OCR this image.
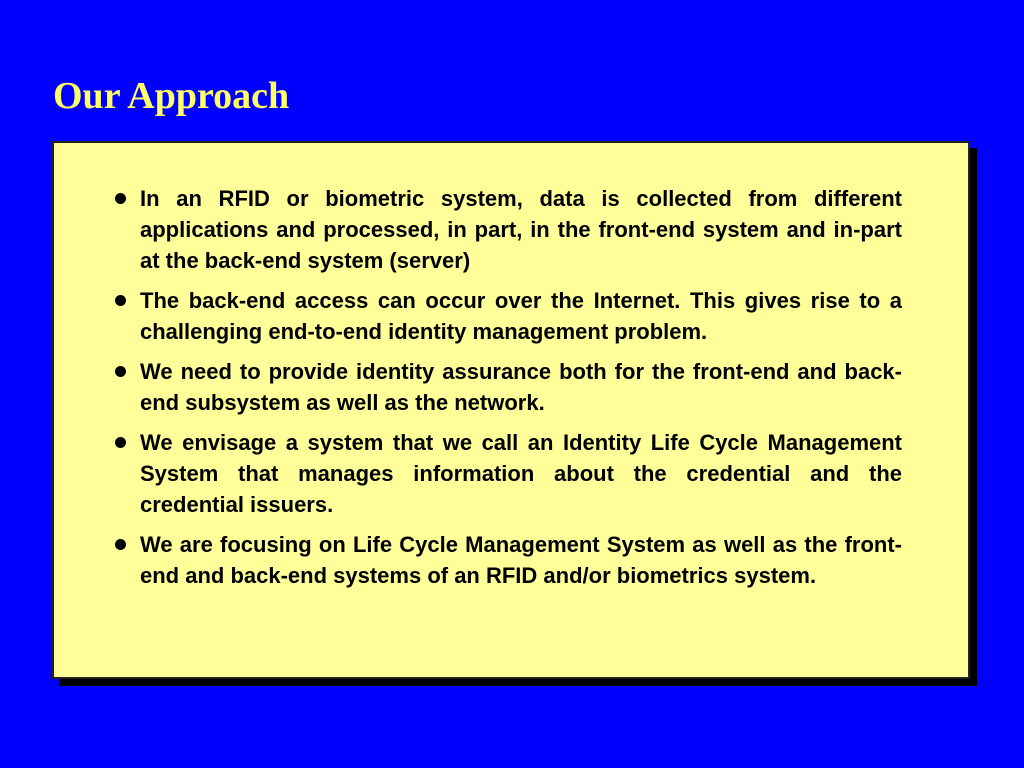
Our Approach
In an RFID or biometric system, data is collected from different applications and processed, in part, in the front-end system and in-part at the back-end system (server)
The back-end access can occur over the Internet. This gives rise to a challenging end-to-end identity management problem.
We need to provide identity assurance both for the front-end and back-end subsystem as well as the network.
We envisage a system that we call an Identity Life Cycle Management System that manages information about the credential and the credential issuers.
We are focusing on Life Cycle Management System as well as the front-end and back-end systems of an RFID and/or biometrics system.
